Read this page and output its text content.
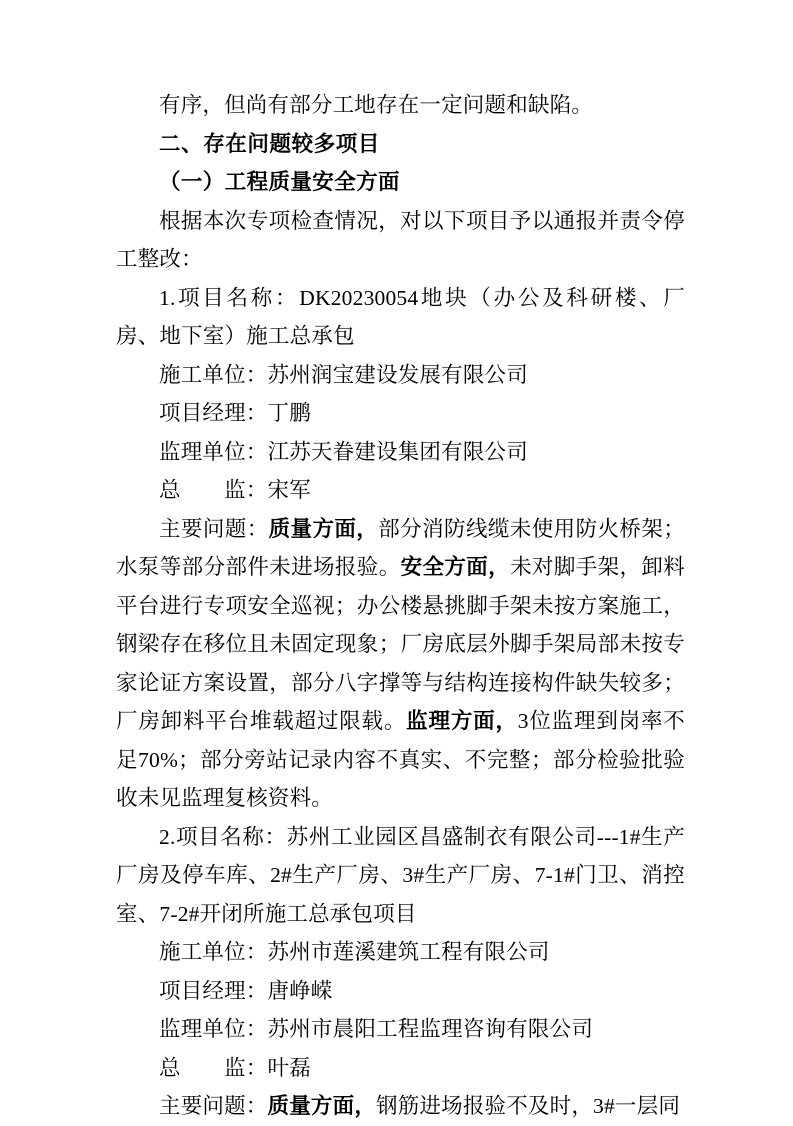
有序，但尚有部分工地存在一定问题和缺陷。

二、存在问题较多项目

（一）工程质量安全方面

根据本次专项检查情况，对以下项目予以通报并责令停工整改：

1.项目名称：DK20230054地块（办公及科研楼、厂房、地下室）施工总承包

施工单位：苏州润宝建设发展有限公司

项目经理：丁鹏

监理单位：江苏天眷建设集团有限公司

总　　监：宋军

主要问题：质量方面，部分消防线缆未使用防火桥架；水泵等部分部件未进场报验。安全方面，未对脚手架，卸料平台进行专项安全巡视；办公楼悬挑脚手架未按方案施工，钢梁存在移位且未固定现象；厂房底层外脚手架局部未按专家论证方案设置，部分八字撑等与结构连接构件缺失较多；厂房卸料平台堆载超过限载。监理方面，3位监理到岗率不足70%；部分旁站记录内容不真实、不完整；部分检验批验收未见监理复核资料。

2.项目名称：苏州工业园区昌盛制衣有限公司---1#生产厂房及停车库、2#生产厂房、3#生产厂房、7-1#门卫、消控室、7-2#开闭所施工总承包项目

施工单位：苏州市莲溪建筑工程有限公司

项目经理：唐峥嵘

监理单位：苏州市晨阳工程监理咨询有限公司

总　　监：叶磊

主要问题：质量方面，钢筋进场报验不及时，3#一层同
